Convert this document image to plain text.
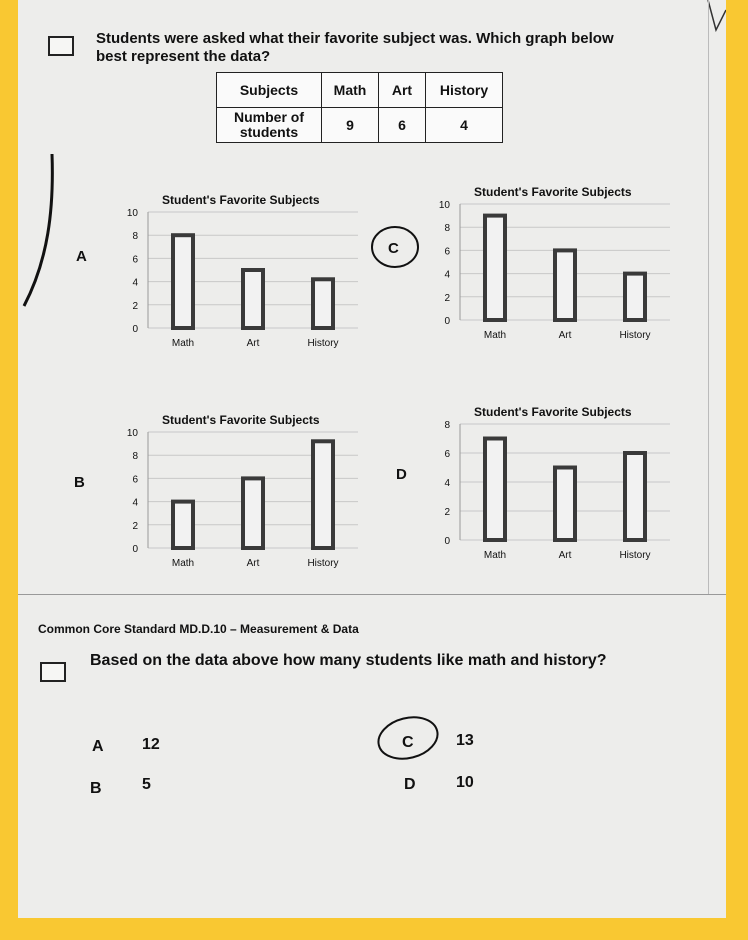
Students were asked what their favorite subject was. Which graph below
best represent the data?
Subjects	Math	Art	History

Number of
students	9	6	4
A
B
C
D
Student's Favorite Subjects
0
2
4
6
8
10
Math	Art	History
Student's Favorite Subjects
0
2
4
6
8
10
Math	Art	History
Student's Favorite Subjects
0
2
4
6
8
10
Math	Art	History
Student's Favorite Subjects
0
2
4
6
8
Math	Art	History
Common Core Standard MD.D.10 – Measurement & Data
Based on the data above how many students like math and history?
A 12
B	5
C	13
D	10
